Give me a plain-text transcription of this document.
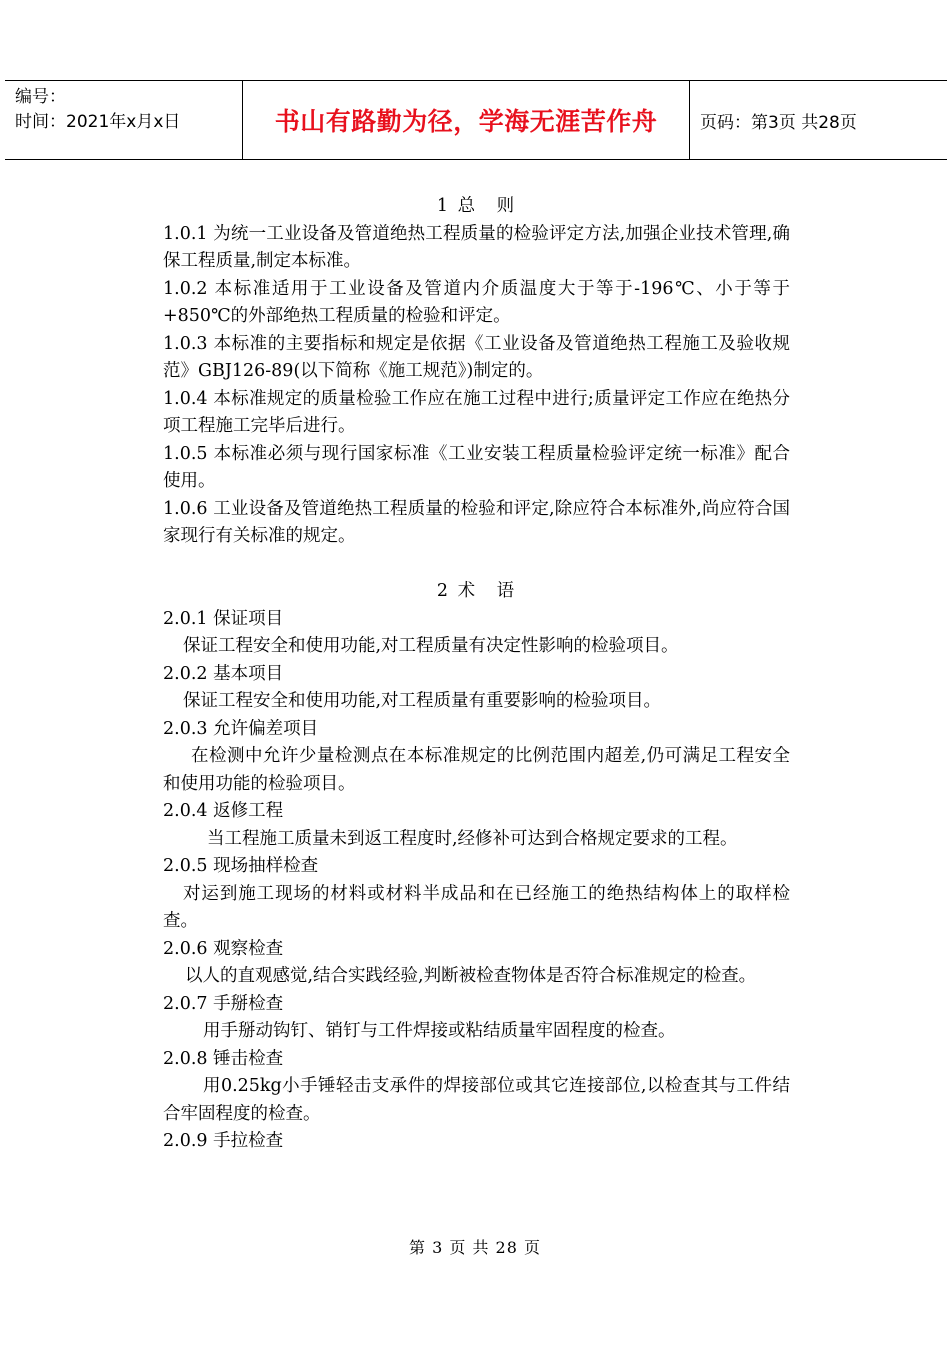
编号：
时间：2021年x月x日	书山有路勤为径，学海无涯苦作舟	页码：第3页 共28页

1 总　则

1.0.1 为统一工业设备及管道绝热工程质量的检验评定方法,加强企业技术管理,确保工程质量,制定本标准。

1.0.2 本标准适用于工业设备及管道内介质温度大于等于-196℃、小于等于+850℃的外部绝热工程质量的检验和评定。

1.0.3 本标准的主要指标和规定是依据《工业设备及管道绝热工程施工及验收规范》GBJ126-89(以下简称《施工规范》)制定的。

1.0.4 本标准规定的质量检验工作应在施工过程中进行;质量评定工作应在绝热分项工程施工完毕后进行。

1.0.5 本标准必须与现行国家标准《工业安装工程质量检验评定统一标准》配合使用。

1.0.6 工业设备及管道绝热工程质量的检验和评定,除应符合本标准外,尚应符合国家现行有关标准的规定。

2 术　语

2.0.1 保证项目

保证工程安全和使用功能,对工程质量有决定性影响的检验项目。

2.0.2 基本项目

保证工程安全和使用功能,对工程质量有重要影响的检验项目。

2.0.3 允许偏差项目

在检测中允许少量检测点在本标准规定的比例范围内超差,仍可满足工程安全和使用功能的检验项目。

2.0.4 返修工程

当工程施工质量未到返工程度时,经修补可达到合格规定要求的工程。

2.0.5 现场抽样检查

对运到施工现场的材料或材料半成品和在已经施工的绝热结构体上的取样检查。

2.0.6 观察检查

以人的直观感觉,结合实践经验,判断被检查物体是否符合标准规定的检查。

2.0.7 手掰检查

用手掰动钩钉、销钉与工件焊接或粘结质量牢固程度的检查。

2.0.8 锤击检查

用0.25kg小手锤轻击支承件的焊接部位或其它连接部位,以检查其与工件结合牢固程度的检查。

2.0.9 手拉检查

第 3 页 共 28 页
